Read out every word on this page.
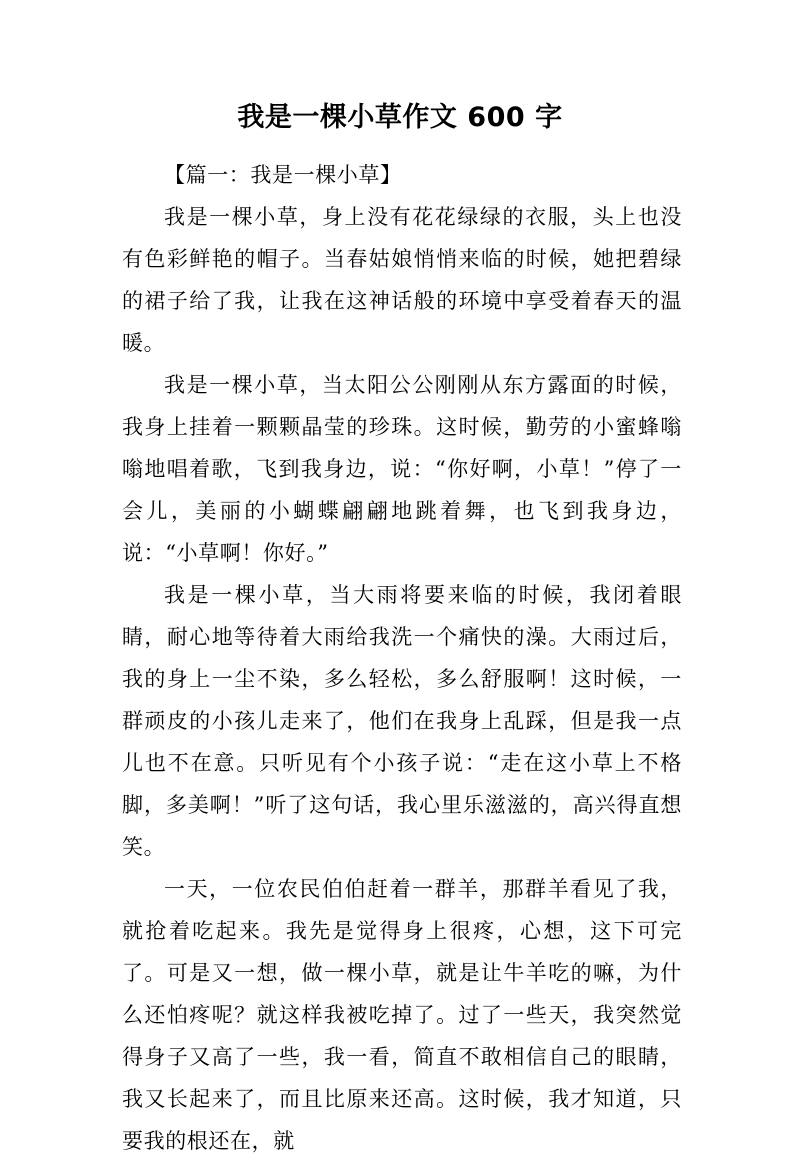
我是一棵小草作文 600 字

【篇一：我是一棵小草】

我是一棵小草，身上没有花花绿绿的衣服，头上也没有色彩鲜艳的帽子。当春姑娘悄悄来临的时候，她把碧绿的裙子给了我，让我在这神话般的环境中享受着春天的温暖。

我是一棵小草，当太阳公公刚刚从东方露面的时候，我身上挂着一颗颗晶莹的珍珠。这时候，勤劳的小蜜蜂嗡嗡地唱着歌，飞到我身边，说：“你好啊，小草！”停了一会儿，美丽的小蝴蝶翩翩地跳着舞，也飞到我身边，说：“小草啊！你好。”

我是一棵小草，当大雨将要来临的时候，我闭着眼睛，耐心地等待着大雨给我洗一个痛快的澡。大雨过后，我的身上一尘不染，多么轻松，多么舒服啊！这时候，一群顽皮的小孩儿走来了，他们在我身上乱踩，但是我一点儿也不在意。只听见有个小孩子说：“走在这小草上不格脚，多美啊！”听了这句话，我心里乐滋滋的，高兴得直想笑。

一天，一位农民伯伯赶着一群羊，那群羊看见了我，就抢着吃起来。我先是觉得身上很疼，心想，这下可完了。可是又一想，做一棵小草，就是让牛羊吃的嘛，为什么还怕疼呢？就这样我被吃掉了。过了一些天，我突然觉得身子又高了一些，我一看，简直不敢相信自己的眼睛，我又长起来了，而且比原来还高。这时候，我才知道，只要我的根还在，就
